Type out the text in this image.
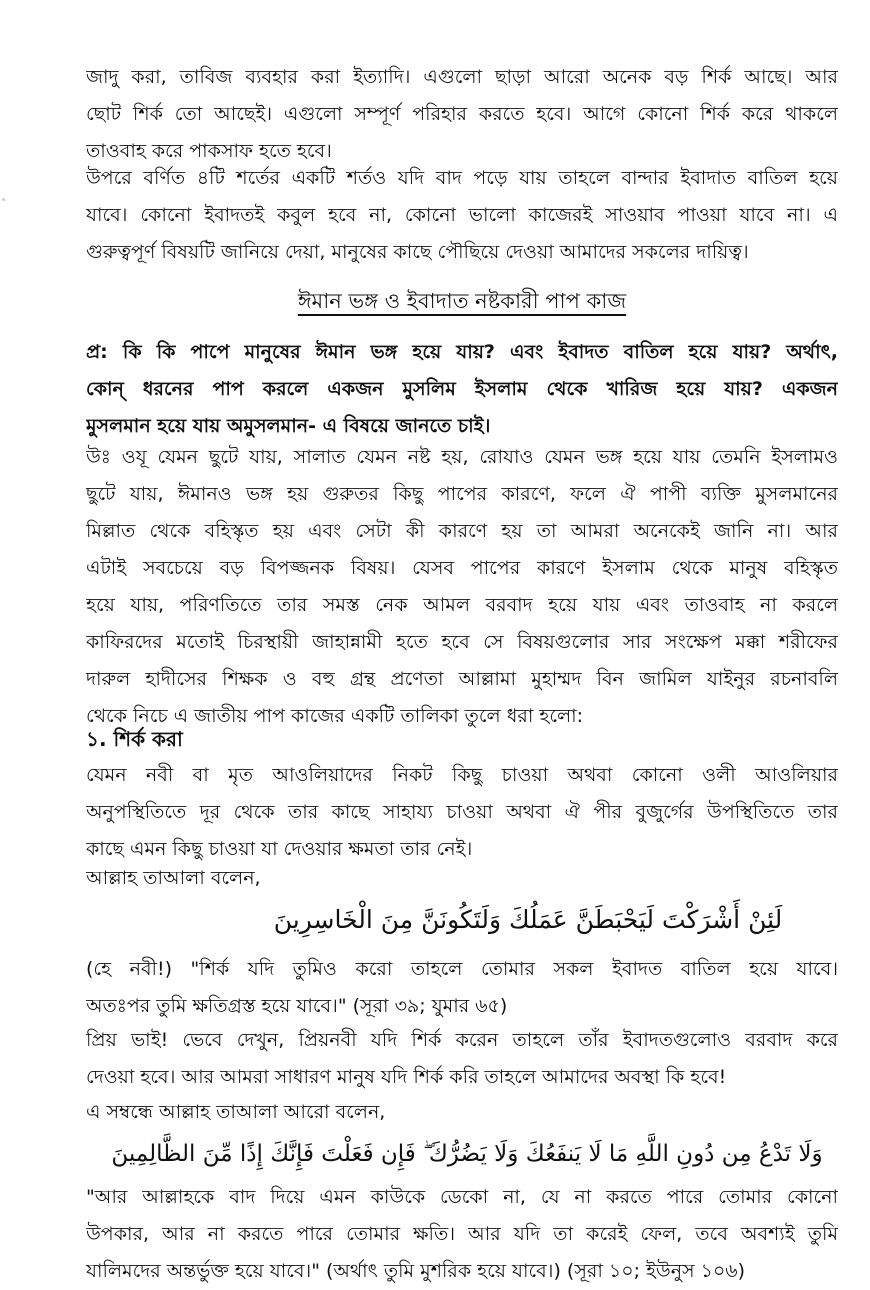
জাদু করা, তাবিজ ব্যবহার করা ইত্যাদি। এগুলো ছাড়া আরো অনেক বড় শির্ক আছে। আর
ছোট শির্ক তো আছেই। এগুলো সম্পূর্ণ পরিহার করতে হবে। আগে কোনো শির্ক করে থাকলে
তাওবাহ করে পাকসাফ হতে হবে।
উপরে বর্ণিত ৪টি শর্তের একটি শর্তও যদি বাদ পড়ে যায় তাহলে বান্দার ইবাদাত বাতিল হয়ে
যাবে। কোনো ইবাদতই কবুল হবে না, কোনো ভালো কাজেরই সাওয়াব পাওয়া যাবে না। এ
গুরুত্বপূর্ণ বিষয়টি জানিয়ে দেয়া, মানুষের কাছে পৌছিয়ে দেওয়া আমাদের সকলের দায়িত্ব।
ঈমান ভঙ্গ ও ইবাদাত নষ্টকারী পাপ কাজ
প্র: কি কি পাপে মানুষের ঈমান ভঙ্গ হয়ে যায়? এবং ইবাদত বাতিল হয়ে যায়? অর্থাৎ,
কোন্ ধরনের পাপ করলে একজন মুসলিম ইসলাম থেকে খারিজ হয়ে যায়? একজন
মুসলমান হয়ে যায় অমুসলমান- এ বিষয়ে জানতে চাই।
উঃ ওযূ যেমন ছুটে যায়, সালাত যেমন নষ্ট হয়, রোযাও যেমন ভঙ্গ হয়ে যায় তেমনি ইসলামও
ছুটে যায়, ঈমানও ভঙ্গ হয় গুরুতর কিছু পাপের কারণে, ফলে ঐ পাপী ব্যক্তি মুসলমানের
মিল্লাত থেকে বহিস্কৃত হয় এবং সেটা কী কারণে হয় তা আমরা অনেকেই জানি না। আর
এটাই সবচেয়ে বড় বিপজ্জনক বিষয়। যেসব পাপের কারণে ইসলাম থেকে মানুষ বহিস্কৃত
হয়ে যায়, পরিণতিতে তার সমস্ত নেক আমল বরবাদ হয়ে যায় এবং তাওবাহ না করলে
কাফিরদের মতোই চিরস্থায়ী জাহান্নামী হতে হবে সে বিষয়গুলোর সার সংক্ষেপ মক্কা শরীফের
দারুল হাদীসের শিক্ষক ও বহু গ্রন্থ প্রণেতা আল্লামা মুহাম্মদ বিন জামিল যাইনুর রচনাবলি
থেকে নিচে এ জাতীয় পাপ কাজের একটি তালিকা তুলে ধরা হলো:
১. শির্ক করা
যেমন নবী বা মৃত আওলিয়াদের নিকট কিছু চাওয়া অথবা কোনো ওলী আওলিয়ার
অনুপস্থিতিতে দূর থেকে তার কাছে সাহায্য চাওয়া অথবা ঐ পীর বুজুর্গের উপস্থিতিতে তার
কাছে এমন কিছু চাওয়া যা দেওয়ার ক্ষমতা তার নেই।
আল্লাহ তাআলা বলেন,
لَئِنْ أَشْرَكْتَ لَيَحْبَطَنَّ عَمَلُكَ وَلَتَكُونَنَّ مِنَ الْخَاسِرِينَ
(হে নবী!) "শির্ক যদি তুমিও করো তাহলে তোমার সকল ইবাদত বাতিল হয়ে যাবে।
অতঃপর তুমি ক্ষতিগ্রস্ত হয়ে যাবে।" (সূরা ৩৯; যুমার ৬৫)
প্রিয় ভাই! ভেবে দেখুন, প্রিয়নবী যদি শির্ক করেন তাহলে তাঁর ইবাদতগুলোও বরবাদ করে
দেওয়া হবে। আর আমরা সাধারণ মানুষ যদি শির্ক করি তাহলে আমাদের অবস্থা কি হবে!
এ সম্বন্ধে আল্লাহ তাআলা আরো বলেন,
وَلَا تَدْعُ مِن دُونِ اللَّهِ مَا لَا يَنفَعُكَ وَلَا يَضُرُّكَ ۖ فَإِن فَعَلْتَ فَإِنَّكَ إِذًا مِّنَ الظَّالِمِينَ
"আর আল্লাহকে বাদ দিয়ে এমন কাউকে ডেকো না, যে না করতে পারে তোমার কোনো
উপকার, আর না করতে পারে তোমার ক্ষতি। আর যদি তা করেই ফেল, তবে অবশ্যই তুমি
যালিমদের অন্তর্ভুক্ত হয়ে যাবে।" (অর্থাৎ তুমি মুশরিক হয়ে যাবে।) (সূরা ১০; ইউনুস ১০৬)
